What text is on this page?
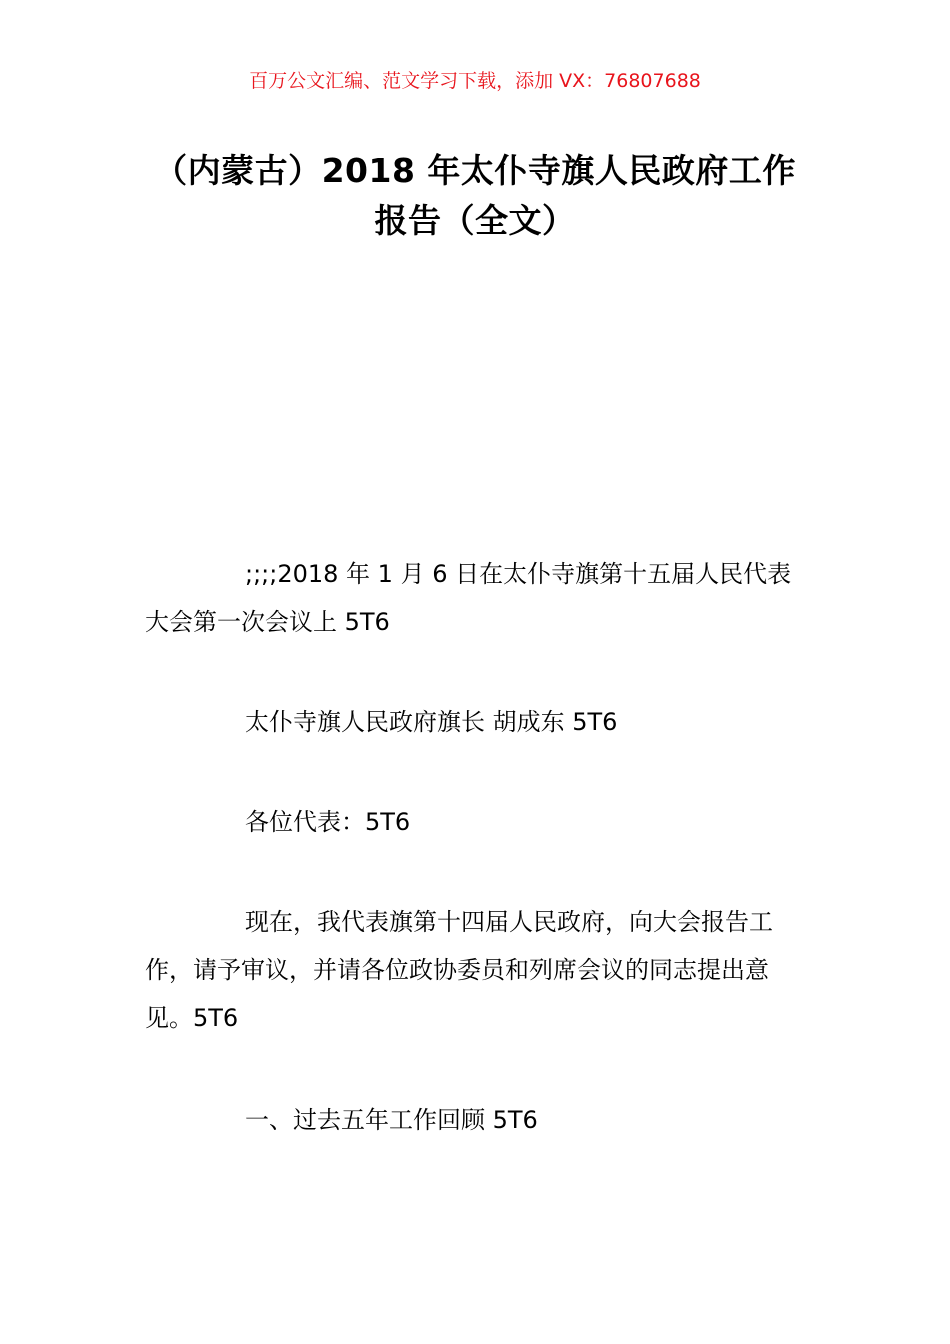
百万公文汇编、范文学习下载，添加 VX：76807688
（内蒙古）2018 年太仆寺旗人民政府工作
报告（全文）

;;;;2018 年 1 月 6 日在太仆寺旗第十五届人民代表大会第一次会议上 5T6

太仆寺旗人民政府旗长 胡成东 5T6

各位代表：5T6

现在，我代表旗第十四届人民政府，向大会报告工作，请予审议，并请各位政协委员和列席会议的同志提出意见。5T6

一、过去五年工作回顾 5T6
